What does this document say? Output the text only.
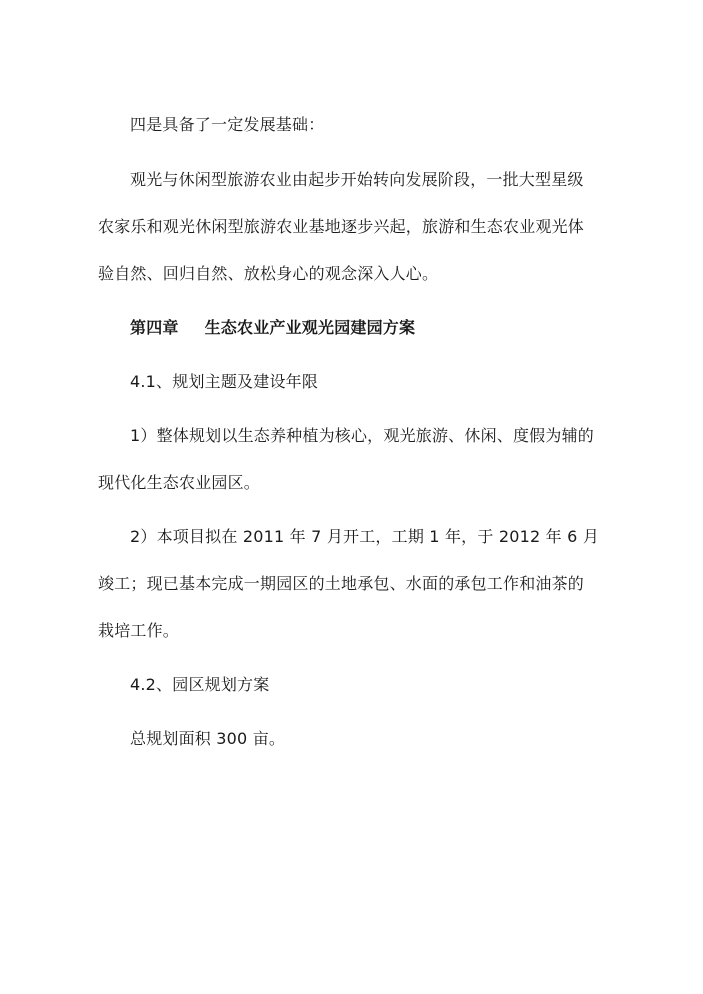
四是具备了一定发展基础：
观光与休闲型旅游农业由起步开始转向发展阶段，一批大型星级
农家乐和观光休闲型旅游农业基地逐步兴起，旅游和生态农业观光体
验自然、回归自然、放松身心的观念深入人心。
第四章 生态农业产业观光园建园方案
4.1、规划主题及建设年限
1）整体规划以生态养种植为核心，观光旅游、休闲、度假为辅的
现代化生态农业园区。
2）本项目拟在 2011 年 7 月开工，工期 1 年，于 2012 年 6 月
竣工；现已基本完成一期园区的土地承包、水面的承包工作和油茶的
栽培工作。
4.2、园区规划方案
总规划面积 300 亩。
